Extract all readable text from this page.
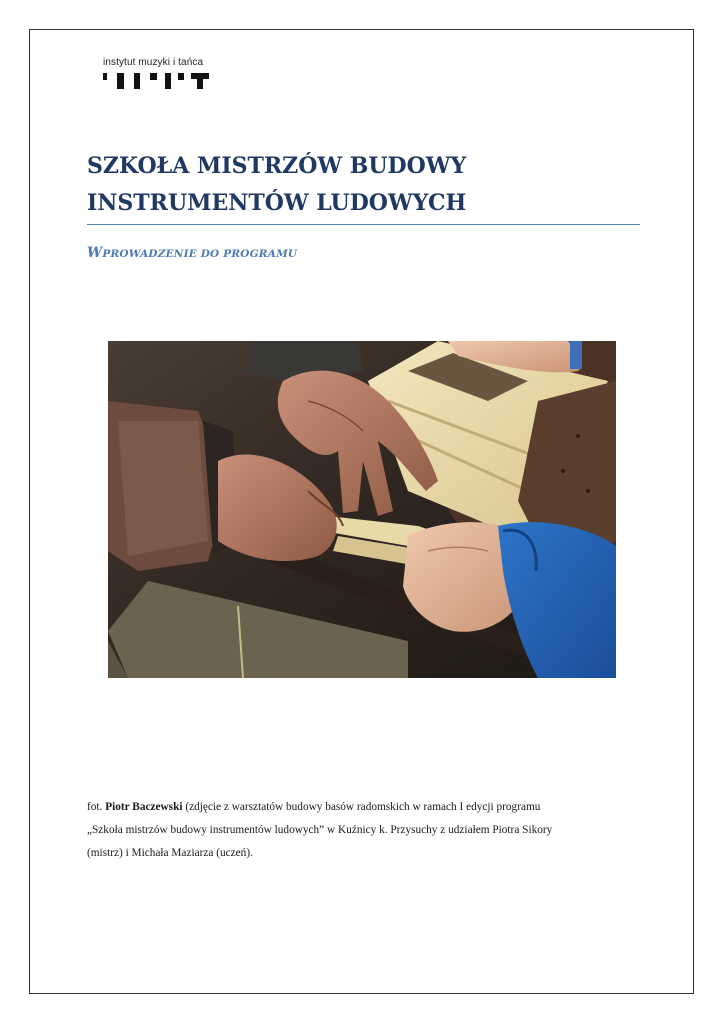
instytut muzyki i tańca
SZKOŁA MISTRZÓW BUDOWY
INSTRUMENTÓW LUDOWYCH
WPROWADZENIE DO PROGRAMU
fot. Piotr Baczewski (zdjęcie z warsztatów budowy basów radomskich w ramach I edycji programu
„Szkoła mistrzów budowy instrumentów ludowych” w Kuźnicy k. Przysuchy z udziałem Piotra Sikory
(mistrz) i Michała Maziarza (uczeń).
